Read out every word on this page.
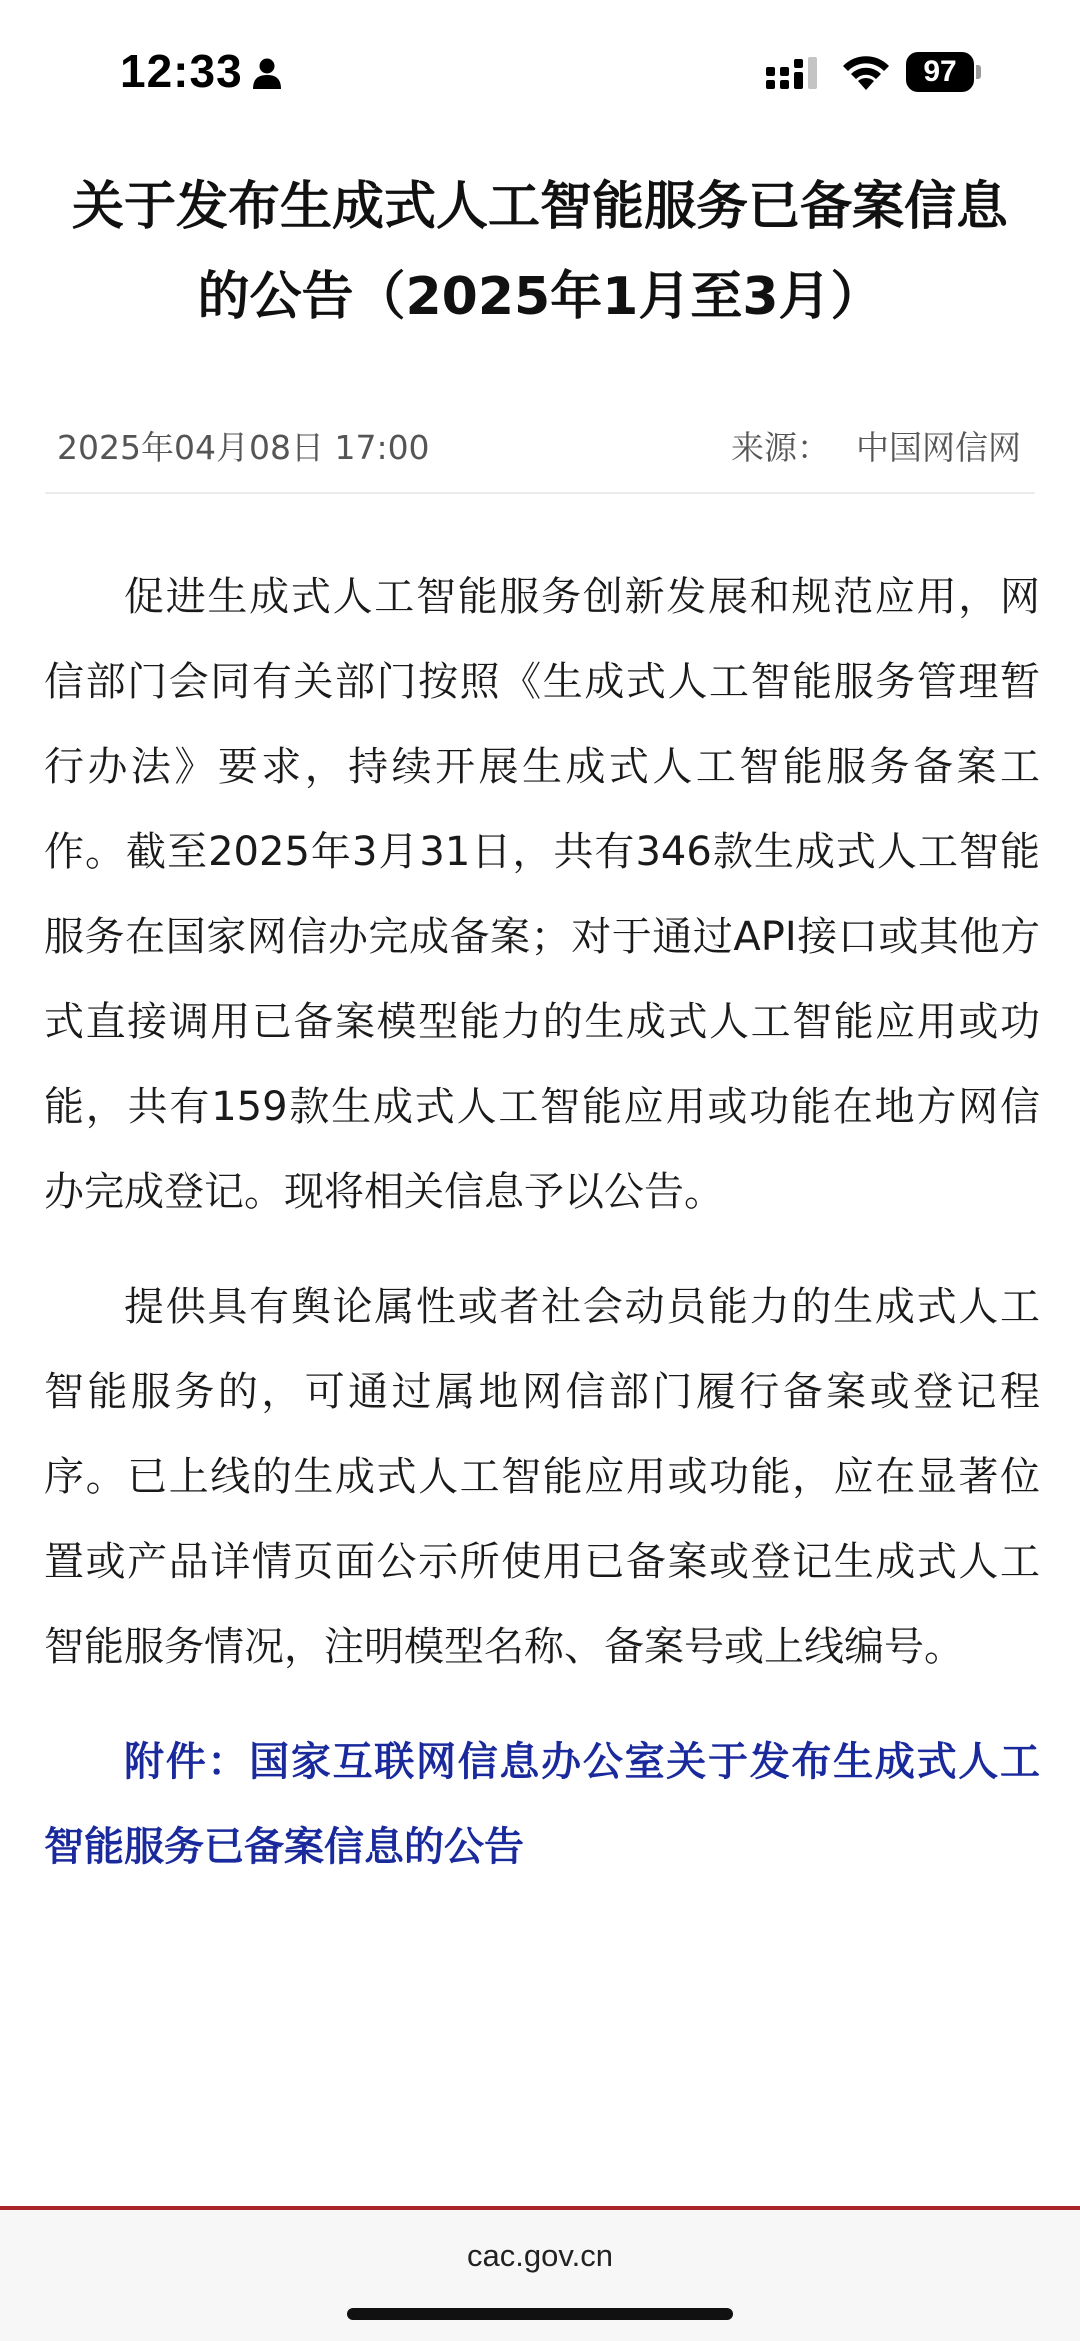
12:33	97
关于发布生成式人工智能服务已备案信息的公告（2025年1月至3月）
2025年04月08日 17:00	来源： 中国网信网

促进生成式人工智能服务创新发展和规范应用，网信部门会同有关部门按照《生成式人工智能服务管理暂行办法》要求，持续开展生成式人工智能服务备案工作。截至2025年3月31日，共有346款生成式人工智能服务在国家网信办完成备案；对于通过API接口或其他方式直接调用已备案模型能力的生成式人工智能应用或功能，共有159款生成式人工智能应用或功能在地方网信办完成登记。现将相关信息予以公告。

提供具有舆论属性或者社会动员能力的生成式人工智能服务的，可通过属地网信部门履行备案或登记程序。已上线的生成式人工智能应用或功能，应在显著位置或产品详情页面公示所使用已备案或登记生成式人工智能服务情况，注明模型名称、备案号或上线编号。

附件：国家互联网信息办公室关于发布生成式人工智能服务已备案信息的公告

cac.gov.cn
